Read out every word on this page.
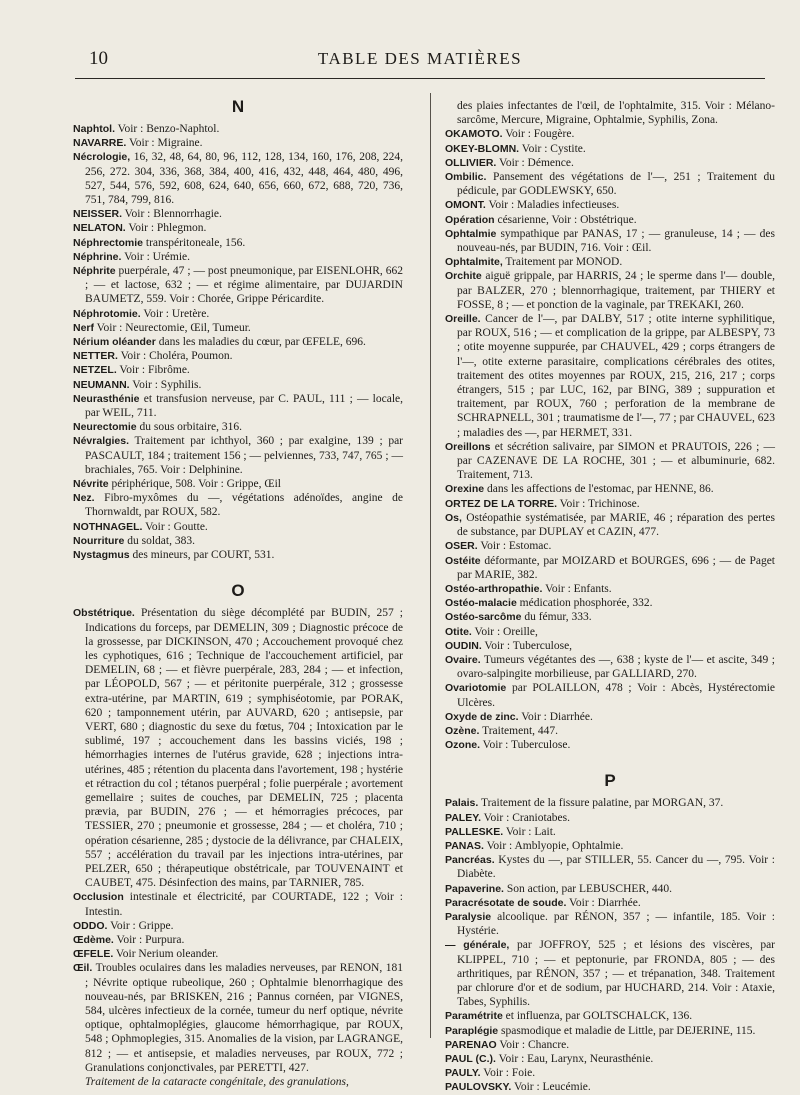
10	TABLE DES MATIÈRES
N

Naphtol. Voir : Benzo-Naphtol.

NAVARRE. Voir : Migraine.

Nécrologie, 16, 32, 48, 64, 80, 96, 112, 128, 134, 160, 176, 208, 224, 256, 272. 304, 336, 368, 384, 400, 416, 432, 448, 464, 480, 496, 527, 544, 576, 592, 608, 624, 640, 656, 660, 672, 688, 720, 736, 751, 784, 799, 816.

NEISSER. Voir : Blennorrhagie.

NELATON. Voir : Phlegmon.

Néphrectomie transpéritoneale, 156.

Néphrine. Voir : Urémie.

Néphrite puerpérale, 47 ; — post pneumonique, par EISENLOHR, 662 ; — et lactose, 632 ; — et régime alimentaire, par DUJARDIN BAUMETZ, 559. Voir : Chorée, Grippe Péricardite.

Néphrotomie. Voir : Uretère.

Nerf Voir : Neurectomie, Œil, Tumeur.

Nérium oléander dans les maladies du cœur, par ŒFELE, 696.

NETTER. Voir : Choléra, Poumon.

NETZEL. Voir : Fibrôme.

NEUMANN. Voir : Syphilis.

Neurasthénie et transfusion nerveuse, par C. PAUL, 111 ; — locale, par WEIL, 711.

Neurectomie du sous orbitaire, 316.

Névralgies. Traitement par ichthyol, 360 ; par exalgine, 139 ; par PASCAULT, 184 ; traitement 156 ; — pelviennes, 733, 747, 765 ; — brachiales, 765. Voir : Delphinine.

Névrite périphérique, 508. Voir : Grippe, Œil

Nez. Fibro-myxômes du —, végétations adénoïdes, angine de Thornwaldt, par ROUX, 582.

NOTHNAGEL. Voir : Goutte.

Nourriture du soldat, 383.

Nystagmus des mineurs, par COURT, 531.

O

Obstétrique. Présentation du siège décomplété par BUDIN, 257 ; Indications du forceps, par DEMELIN, 309 ; Diagnostic précoce de la grossesse, par DICKINSON, 470 ; Accouchement provoqué chez les cyphotiques, 616 ; Technique de l'accouchement artificiel, par DEMELIN, 68 ; — et fièvre puerpérale, 283, 284 ; — et infection, par LÉOPOLD, 567 ; — et péritonite puerpérale, 312 ; grossesse extra-utérine, par MARTIN, 619 ; symphiséotomie, par PORAK, 620 ; tamponnement utérin, par AUVARD, 620 ; antisepsie, par VERT, 680 ; diagnostic du sexe du fœtus, 704 ; Intoxication par le sublimé, 197 ; accouchement dans les bassins viciés, 198 ; hémorrhagies internes de l'utérus gravide, 628 ; injections intra-utérines, 485 ; rétention du placenta dans l'avortement, 198 ; hystérie et rétraction du col ; tétanos puerpéral ; folie puerpérale ; avortement gemellaire ; suites de couches, par DEMELIN, 725 ; placenta prævia, par BUDIN, 276 ; — et hémorragies précoces, par TESSIER, 270 ; pneumonie et grossesse, 284 ; — et choléra, 710 ; opération césarienne, 285 ; dystocie de la délivrance, par CHALEIX, 557 ; accélération du travail par les injections intra-utérines, par PELZER, 650 ; thérapeutique obstétricale, par TOUVENAINT et CAUBET, 475. Désinfection des mains, par TARNIER, 785.

Occlusion intestinale et électricité, par COURTADE, 122 ; Voir : Intestin.

ODDO. Voir : Grippe.

Œdème. Voir : Purpura.

ŒFELE. Voir Nerium oleander.

Œil. Troubles oculaires dans les maladies nerveuses, par RENON, 181 ; Névrite optique rubeolique, 260 ; Ophtalmie blenorrhagique des nouveau-nés, par BRISKEN, 216 ; Pannus cornéen, par VIGNES, 584, ulcères infectieux de la cornée, tumeur du nerf optique, névrite optique, ophtalmoplégies, glaucome hémorrhagique, par ROUX, 548 ; Ophmoplegies, 315. Anomalies de la vision, par LAGRANGE, 812 ; — et antisepsie, et maladies nerveuses, par ROUX, 772 ; Granulations conjonctivales, par PERETTI, 427.

Traitement de la cataracte congénitale, des granulations,

des plaies infectantes de l'œil, de l'ophtalmite, 315. Voir : Mélano-sarcôme, Mercure, Migraine, Ophtalmie, Syphilis, Zona.

OKAMOTO. Voir : Fougère.

OKEY-BLOMN. Voir : Cystite.

OLLIVIER. Voir : Démence.

Ombilic. Pansement des végétations de l'—, 251 ; Traitement du pédicule, par GODLEWSKY, 650.

OMONT. Voir : Maladies infectieuses.

Opération césarienne, Voir : Obstétrique.

Ophtalmie sympathique par PANAS, 17 ; — granuleuse, 14 ; — des nouveau-nés, par BUDIN, 716. Voir : Œil.

Ophtalmite, Traitement par MONOD.

Orchite aiguë grippale, par HARRIS, 24 ; le sperme dans l'— double, par BALZER, 270 ; blennorrhagique, traitement, par THIERY et FOSSE, 8 ; — et ponction de la vaginale, par TREKAKI, 260.

Oreille. Cancer de l'—, par DALBY, 517 ; otite interne syphilitique, par ROUX, 516 ; — et complication de la grippe, par ALBESPY, 73 ; otite moyenne suppurée, par CHAUVEL, 429 ; corps étrangers de l'—, otite externe parasitaire, complications cérébrales des otites, traitement des otites moyennes par ROUX, 215, 216, 217 ; corps étrangers, 515 ; par LUC, 162, par BING, 389 ; suppuration et traitement, par ROUX, 760 ; perforation de la membrane de SCHRAPNELL, 301 ; traumatisme de l'—, 77 ; par CHAUVEL, 623 ; maladies des —, par HERMET, 331.

Oreillons et sécrétion salivaire, par SIMON et PRAUTOIS, 226 ; — par CAZENAVE DE LA ROCHE, 301 ; — et albuminurie, 682. Traitement, 713.

Orexine dans les affections de l'estomac, par HENNE, 86.

ORTEZ DE LA TORRE. Voir : Trichinose.

Os, Ostéopathie systématisée, par MARIE, 46 ; réparation des pertes de substance, par DUPLAY et CAZIN, 477.

OSER. Voir : Estomac.

Ostéite déformante, par MOIZARD et BOURGES, 696 ; — de Paget par MARIE, 382.

Ostéo-arthropathie. Voir : Enfants.

Ostéo-malacie médication phosphorée, 332.

Ostéo-sarcôme du fémur, 333.

Otite. Voir : Oreille,

OUDIN. Voir : Tuberculose,

Ovaire. Tumeurs végétantes des —, 638 ; kyste de l'— et ascite, 349 ; ovaro-salpingite morbilieuse, par GALLIARD, 270.

Ovariotomie par POLAILLON, 478 ; Voir : Abcès, Hystérectomie Ulcères.

Oxyde de zinc. Voir : Diarrhée.

Ozène. Traitement, 447.

Ozone. Voir : Tuberculose.

P

Palais. Traitement de la fissure palatine, par MORGAN, 37.

PALEY. Voir : Craniotabes.

PALLESKE. Voir : Lait.

PANAS. Voir : Amblyopie, Ophtalmie.

Pancréas. Kystes du —, par STILLER, 55. Cancer du —, 795. Voir : Diabète.

Papaverine. Son action, par LEBUSCHER, 440.

Paracrésotate de soude. Voir : Diarrhée.

Paralysie alcoolique. par RÉNON, 357 ; — infantile, 185. Voir : Hystérie.

— générale, par JOFFROY, 525 ; et lésions des viscères, par KLIPPEL, 710 ; — et peptonurie, par FRONDA, 805 ; — des arthritiques, par RÉNON, 357 ; — et trépanation, 348. Traitement par chlorure d'or et de sodium, par HUCHARD, 214. Voir : Ataxie, Tabes, Syphilis.

Paramétrite et influenza, par GOLTSCHALCK, 136.

Paraplégie spasmodique et maladie de Little, par DEJERINE, 115.

PARENAO Voir : Chancre.

PAUL (C.). Voir : Eau, Larynx, Neurasthénie.

PAULY. Voir : Foie.

PAULOVSKY. Voir : Leucémie.
